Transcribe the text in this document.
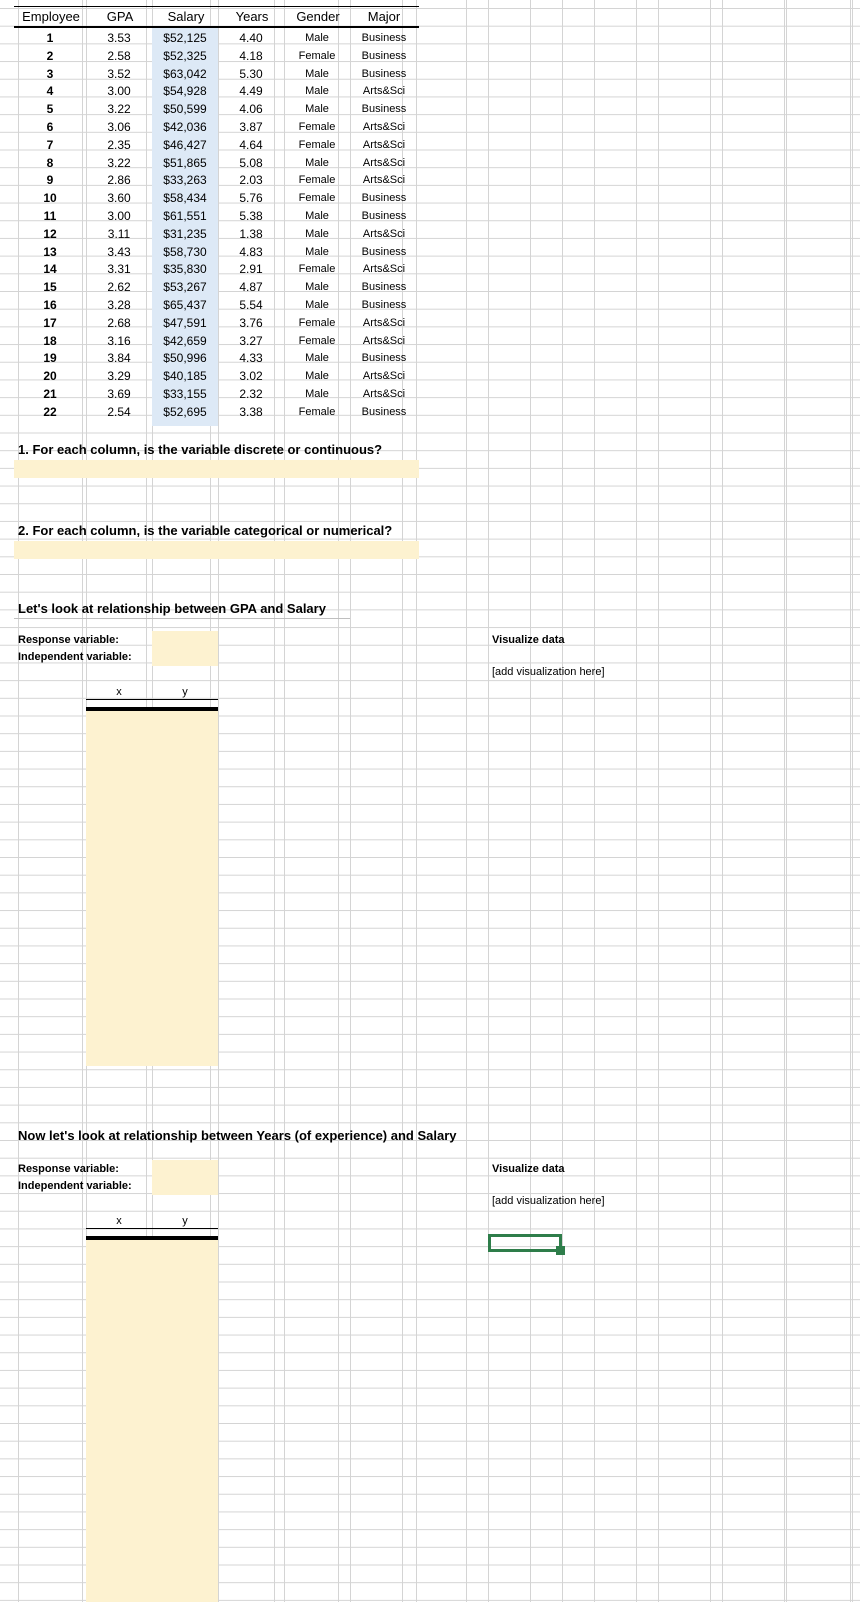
Employee	GPA	Salary	Years	Gender	Major
1	3.53	$52,125	4.40	Male	Business
2	2.58	$52,325	4.18	Female	Business
3	3.52	$63,042	5.30	Male	Business
4	3.00	$54,928	4.49	Male	Arts&Sci
5	3.22	$50,599	4.06	Male	Business
6	3.06	$42,036	3.87	Female	Arts&Sci
7	2.35	$46,427	4.64	Female	Arts&Sci
8	3.22	$51,865	5.08	Male	Arts&Sci
9	2.86	$33,263	2.03	Female	Arts&Sci
10	3.60	$58,434	5.76	Female	Business
11	3.00	$61,551	5.38	Male	Business
12	3.11	$31,235	1.38	Male	Arts&Sci
13	3.43	$58,730	4.83	Male	Business
14	3.31	$35,830	2.91	Female	Arts&Sci
15	2.62	$53,267	4.87	Male	Business
16	3.28	$65,437	5.54	Male	Business
17	2.68	$47,591	3.76	Female	Arts&Sci
18	3.16	$42,659	3.27	Female	Arts&Sci
19	3.84	$50,996	4.33	Male	Business
20	3.29	$40,185	3.02	Male	Arts&Sci
21	3.69	$33,155	2.32	Male	Arts&Sci
22	2.54	$52,695	3.38	Female	Business
1. For each column, is the variable discrete or continuous?
2. For each column, is the variable categorical or numerical?
Let's look at relationship between GPA and Salary
Response variable:
Independent variable:
x	y
Visualize data
[add visualization here]
Now let's look at relationship between Years (of experience) and Salary
Response variable:
Independent variable:
x	y
Visualize data
[add visualization here]
